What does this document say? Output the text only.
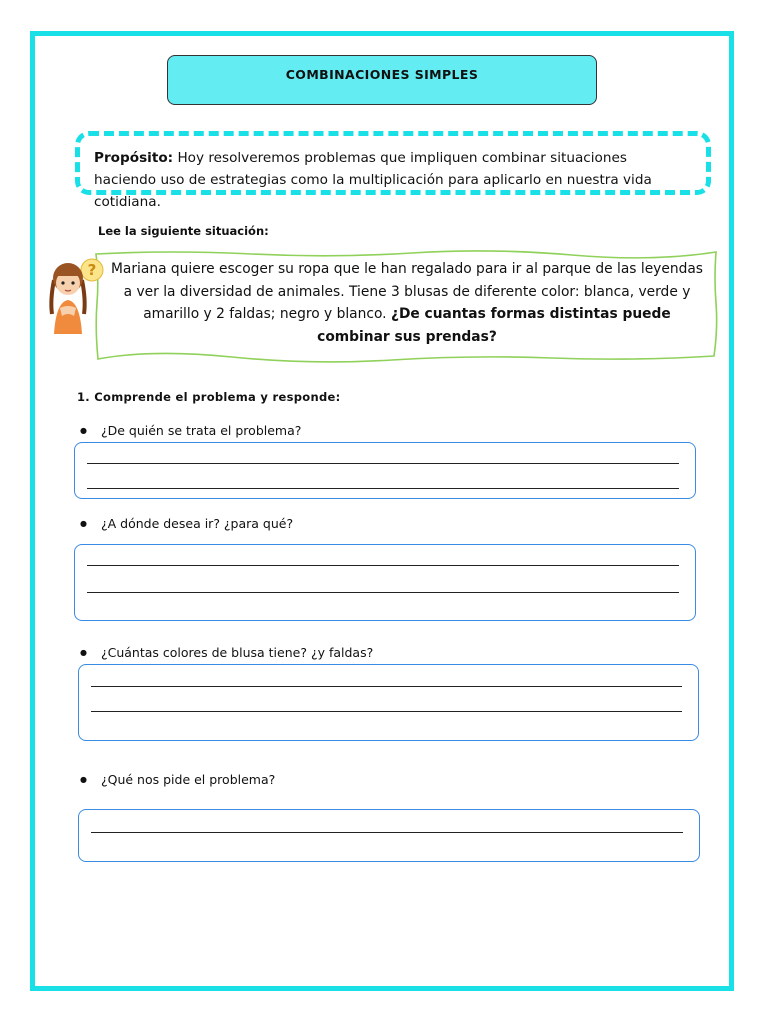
COMBINACIONES SIMPLES
Propósito: Hoy resolveremos problemas que impliquen combinar situaciones haciendo uso de estrategias como la multiplicación para aplicarlo en nuestra vida cotidiana.
Lee la siguiente situación:
? Mariana quiere escoger su ropa que le han regalado para ir al parque de las leyendas a ver la diversidad de animales. Tiene 3 blusas de diferente color: blanca, verde y amarillo y 2 faldas; negro y blanco. ¿De cuantas formas distintas puede combinar sus prendas?
1. Comprende el problema y responde:
● ¿De quién se trata el problema?
● ¿A dónde desea ir? ¿para qué?
● ¿Cuántas colores de blusa tiene? ¿y faldas?
● ¿Qué nos pide el problema?
